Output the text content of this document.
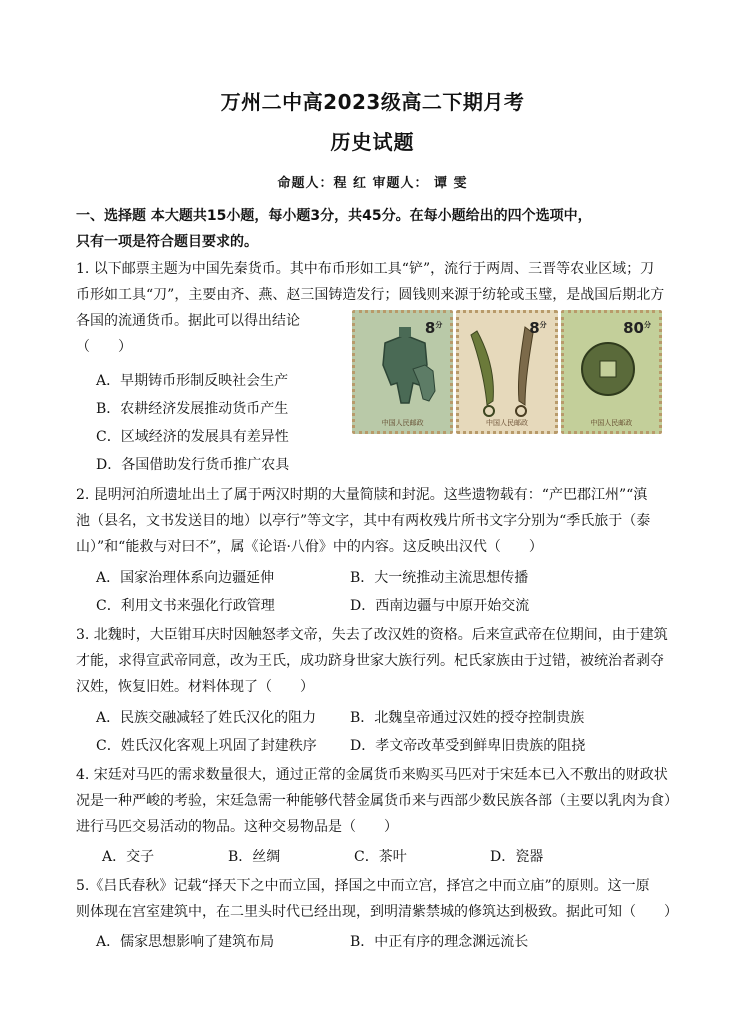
万州二中高2023级高二下期月考
历史试题
命题人：程 红 审题人： 谭 雯
一、选择题 本大题共15小题，每小题3分，共45分。在每小题给出的四个选项中，
只有一项是符合题目要求的。
1. 以下邮票主题为中国先秦货币。其中布币形如工具“铲”，流行于两周、三晋等农业区域；刀
币形如工具“刀”，主要由齐、燕、赵三国铸造发行；圆钱则来源于纺轮或玉璧，是战国后期北方
各国的流通货币。据此可以得出结论
（　　）
A．早期铸币形制反映社会生产
B．农耕经济发展推动货币产生
C．区域经济的发展具有差异性
D．各国借助发行货币推广农具
$8^分$
中国人民邮政
$8^分$
中国人民邮政
$80^分$
中国人民邮政
2. 昆明河泊所遗址出土了属于两汉时期的大量简牍和封泥。这些遗物载有：“产巴郡江州”“滇
池（县名，文书发送目的地）以亭行”等文字，其中有两枚残片所书文字分别为“季氏旅于（泰
山）”和“能救与对曰不”，属《论语·八佾》中的内容。这反映出汉代（　　）
A．国家治理体系向边疆延伸	B．大一统推动主流思想传播
C．利用文书来强化行政管理	D．西南边疆与中原开始交流
3. 北魏时，大臣钳耳庆时因触怒孝文帝，失去了改汉姓的资格。后来宣武帝在位期间，由于建筑
才能，求得宣武帝同意，改为王氏，成功跻身世家大族行列。杞氏家族由于过错，被统治者剥夺
汉姓，恢复旧姓。材料体现了（　　）
A．民族交融减轻了姓氏汉化的阻力 B．北魏皇帝通过汉姓的授夺控制贵族
C．姓氏汉化客观上巩固了封建秩序 D．孝文帝改革受到鲜卑旧贵族的阻挠
4. 宋廷对马匹的需求数量很大，通过正常的金属货币来购买马匹对于宋廷本已入不敷出的财政状
况是一种严峻的考验，宋廷急需一种能够代替金属货币来与西部少数民族各部（主要以乳肉为食）
进行马匹交易活动的物品。这种交易物品是（　　）
A．交子	B．丝绸	C．茶叶	D．瓷器
5.《吕氏春秋》记载“择天下之中而立国，择国之中而立宫，择宫之中而立庙”的原则。这一原
则体现在宫室建筑中，在二里头时代已经出现，到明清紫禁城的修筑达到极致。据此可知（　　）
A．儒家思想影响了建筑布局	B．中正有序的理念渊远流长
